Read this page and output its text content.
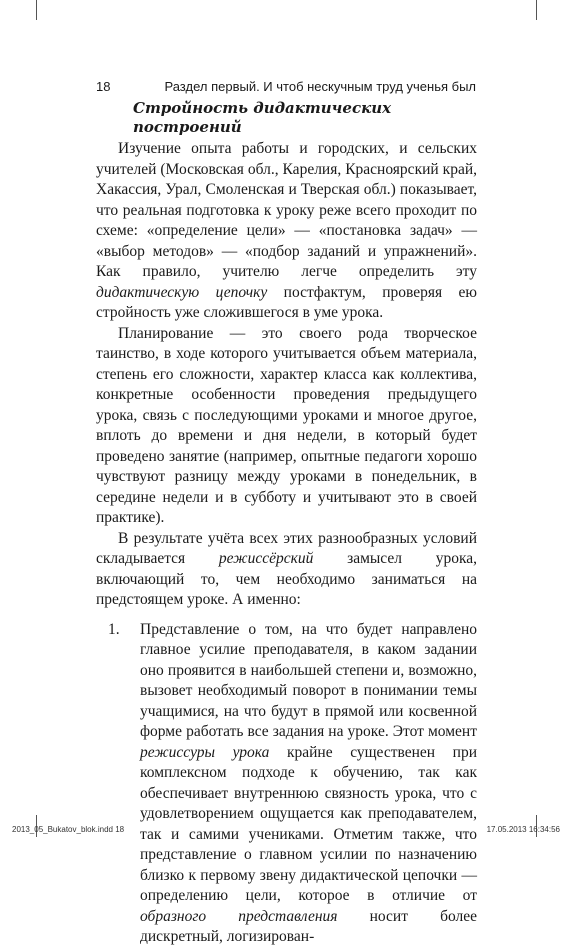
18	Раздел первый. И чтоб нескучным труд ученья был
Стройность дидактических
построений

Изучение опыта работы и городских, и сельских учителей (Московская обл., Карелия, Красноярский край, Хакасcия, Урал, Смоленская и Тверская обл.) показывает, что реальная подготовка к уроку реже всего проходит по схеме: «определение цели» — «постановка задач» — «выбор методов» — «подбор заданий и упражнений». Как правило, учителю легче определить эту дидактическую цепочку постфактум, проверяя ею стройность уже сложившегося в уме урока.

Планирование — это своего рода творческое таинство, в ходе которого учитывается объем материала, степень его сложности, характер класса как коллектива, конкретные особенности проведения предыдущего урока, связь с последующими уроками и многое другое, вплоть до времени и дня недели, в который будет проведено занятие (например, опытные педагоги хорошо чувствуют разницу между уроками в понедельник, в середине недели и в субботу и учитывают это в своей практике).

В результате учёта всех этих разнообразных условий складывается режиссёрский замысел урока, включающий то, чем необходимо заниматься на предстоящем уроке. А именно:

1. Представление о том, на что будет направлено главное усилие преподавателя, в каком задании оно проявится в наибольшей степени и, возможно, вызовет необходимый поворот в понимании темы учащимися, на что будут в прямой или косвенной форме работать все задания на уроке. Этот момент режиссуры урока крайне существенен при комплексном подходе к обучению, так как обеспечивает внутреннюю связность урока, что с удовлетворением ощущается как преподавателем, так и самими учениками. Отметим также, что представление о главном усилии по назначению близко к первому звену дидактической цепочки — определению цели, которое в отличие от образного представления носит более дискретный, логизирован-
2013_05_Bukatov_blok.indd 18	17.05.2013 16:34:56
